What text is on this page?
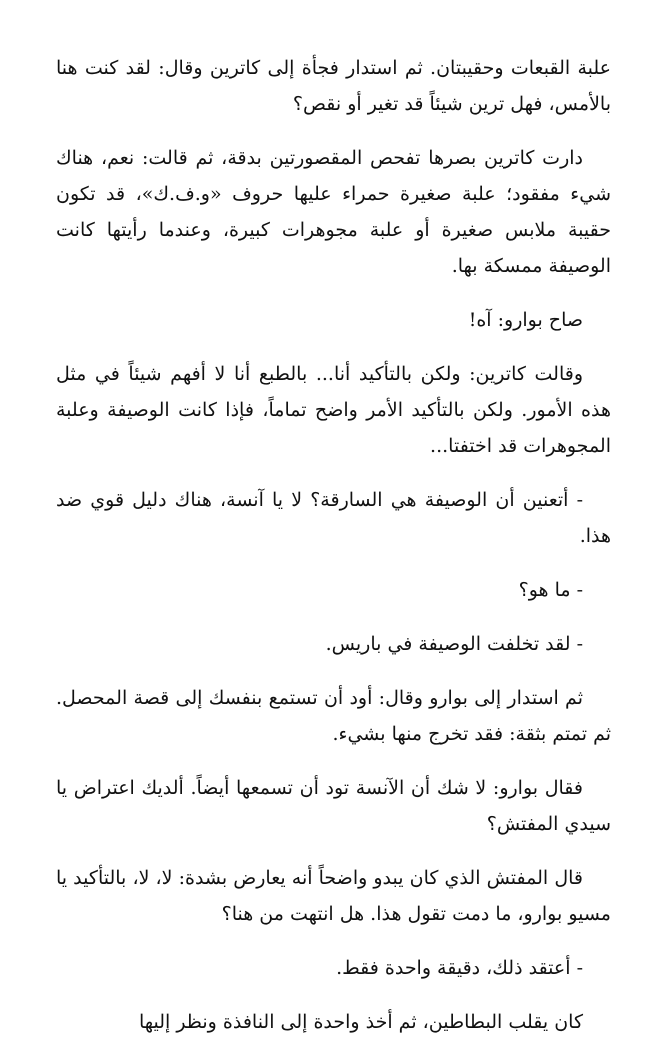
علبة القبعات وحقيبتان. ثم استدار فجأة إلى كاترين وقال: لقد كنت هنا بالأمس، فهل ترين شيئاً قد تغير أو نقص؟

دارت كاترين بصرها تفحص المقصورتين بدقة، ثم قالت: نعم، هناك شيء مفقود؛ علبة صغيرة حمراء عليها حروف «و.ف.ك»، قد تكون حقيبة ملابس صغيرة أو علبة مجوهرات كبيرة، وعندما رأيتها كانت الوصيفة ممسكة بها.

صاح بوارو: آه!

وقالت كاترين: ولكن بالتأكيد أنا... بالطبع أنا لا أفهم شيئاً في مثل هذه الأمور. ولكن بالتأكيد الأمر واضح تماماً، فإذا كانت الوصيفة وعلبة المجوهرات قد اختفتا...

- أتعنين أن الوصيفة هي السارقة؟ لا يا آنسة، هناك دليل قوي ضد هذا.

- ما هو؟

- لقد تخلفت الوصيفة في باريس.

ثم استدار إلى بوارو وقال: أود أن تستمع بنفسك إلى قصة المحصل. ثم تمتم بثقة: فقد تخرج منها بشيء.

فقال بوارو: لا شك أن الآنسة تود أن تسمعها أيضاً. ألديك اعتراض يا سيدي المفتش؟

قال المفتش الذي كان يبدو واضحاً أنه يعارض بشدة: لا، لا، بالتأكيد يا مسيو بوارو، ما دمت تقول هذا. هل انتهت من هنا؟

- أعتقد ذلك، دقيقة واحدة فقط.

كان يقلب البطاطين، ثم أخذ واحدة إلى النافذة ونظر إليها
